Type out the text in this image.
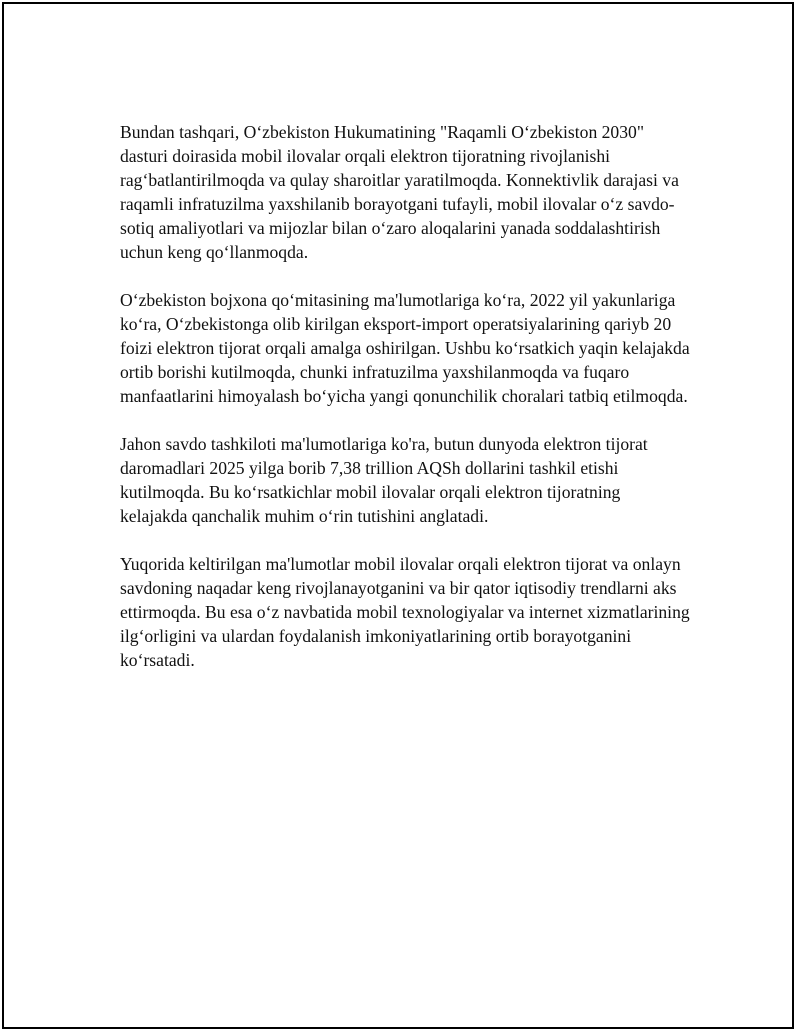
Bundan tashqari, O‘zbekiston Hukumatining "Raqamli O‘zbekiston 2030" dasturi doirasida mobil ilovalar orqali elektron tijoratning rivojlanishi rag‘batlantirilmoqda va qulay sharoitlar yaratilmoqda. Konnektivlik darajasi va raqamli infratuzilma yaxshilanib borayotgani tufayli, mobil ilovalar o‘z savdo-sotiq amaliyotlari va mijozlar bilan o‘zaro aloqalarini yanada soddalashtirish uchun keng qo‘llanmoqda.

O‘zbekiston bojxona qo‘mitasining ma'lumotlariga ko‘ra, 2022 yil yakunlariga ko‘ra, O‘zbekistonga olib kirilgan eksport-import operatsiyalarining qariyb 20 foizi elektron tijorat orqali amalga oshirilgan. Ushbu ko‘rsatkich yaqin kelajakda ortib borishi kutilmoqda, chunki infratuzilma yaxshilanmoqda va fuqaro manfaatlarini himoyalash bo‘yicha yangi qonunchilik choralari tatbiq etilmoqda.

Jahon savdo tashkiloti ma'lumotlariga ko'ra, butun dunyoda elektron tijorat daromadlari 2025 yilga borib 7,38 trillion AQSh dollarini tashkil etishi kutilmoqda. Bu ko‘rsatkichlar mobil ilovalar orqali elektron tijoratning kelajakda qanchalik muhim o‘rin tutishini anglatadi.

Yuqorida keltirilgan ma'lumotlar mobil ilovalar orqali elektron tijorat va onlayn savdoning naqadar keng rivojlanayotganini va bir qator iqtisodiy trendlarni aks ettirmoqda. Bu esa o‘z navbatida mobil texnologiyalar va internet xizmatlarining ilg‘orligini va ulardan foydalanish imkoniyatlarining ortib borayotganini ko‘rsatadi.
